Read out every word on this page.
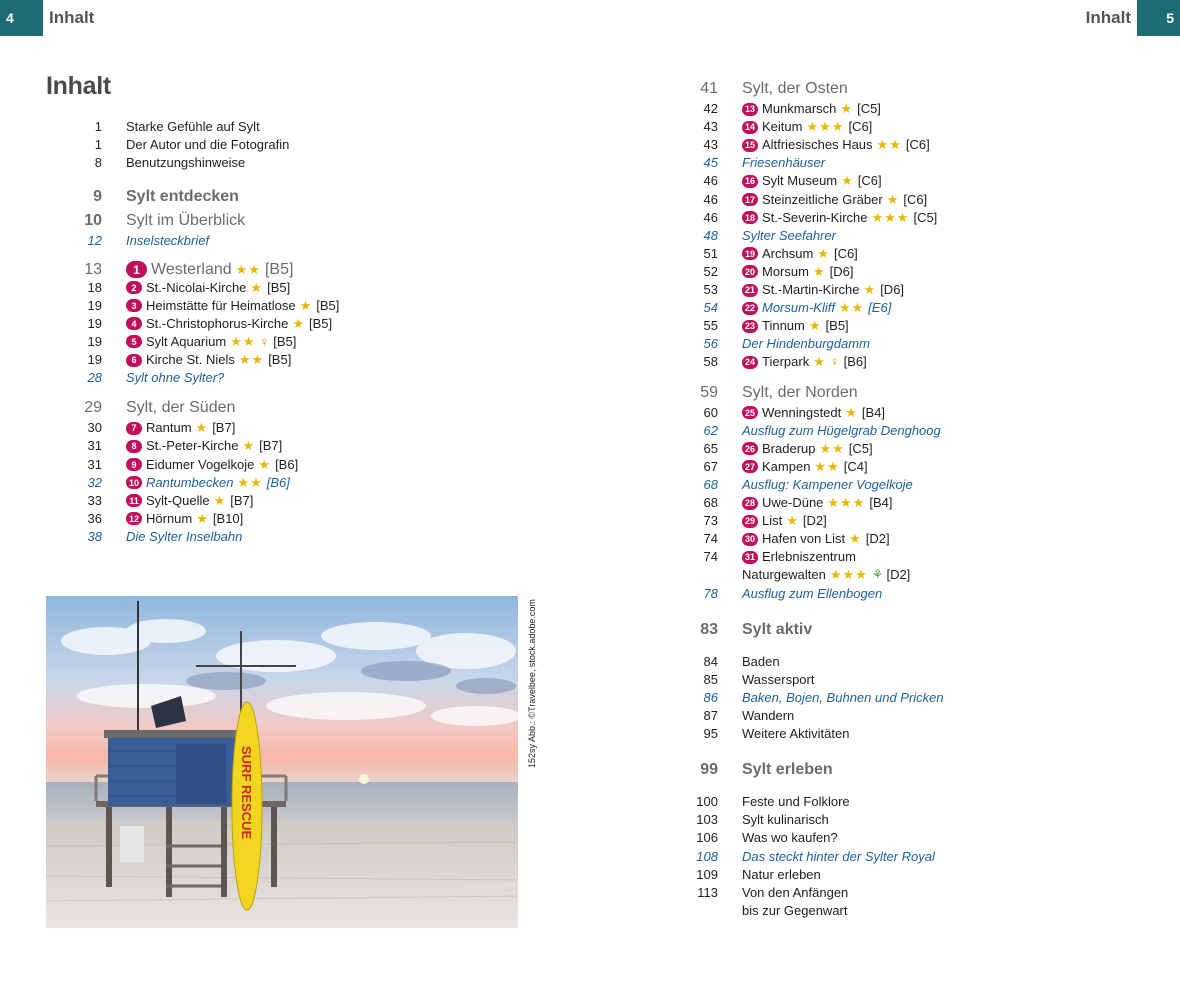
4	Inhalt	Inhalt	5
Inhalt
1 Starke Gefühle auf Sylt
1 Der Autor und die Fotografin
8 Benutzungshinweise
9 Sylt entdecken
10 Sylt im Überblick
12 Inselsteckbrief
13	1 Westerland ★★ [B5]
18	2 St.-Nicolai-Kirche ★ [B5]
19	3 Heimstätte für Heimatlose ★ [B5]
19	4 St.-Christophorus-Kirche ★ [B5]
19	5 Sylt Aquarium ★★ ♀ [B5]
19	6 Kirche St. Niels ★★ [B5]
28 Sylt ohne Sylter?
29 Sylt, der Süden
30	7 Rantum ★ [B7]
31	8 St.-Peter-Kirche ★ [B7]
31	9 Eidumer Vogelkoje ★ [B6]
32	10 Rantumbecken ★★ [B6]
33	11 Sylt-Quelle ★ [B7]
36	12 Hörnum ★ [B10]
38 Die Sylter Inselbahn
SURF RESCUE
152sy Abb.: ©Travelbee, stock.adobe.com
41 Sylt, der Osten
42	13 Munkmarsch ★ [C5]
43	14 Keitum ★★★ [C6]
43	15 Altfriesisches Haus ★★ [C6]
45 Friesenhäuser
46	16 Sylt Museum ★ [C6]
46	17 Steinzeitliche Gräber ★ [C6]
46	18 St.-Severin-Kirche ★★★ [C5]
48 Sylter Seefahrer
51	19 Archsum ★ [C6]
52	20 Morsum ★ [D6]
53	21 St.-Martin-Kirche ★ [D6]
54	22 Morsum-Kliff ★★ [E6]
55	23 Tinnum ★ [B5]
56 Der Hindenburgdamm
58	24 Tierpark ★ ♀ [B6]
59 Sylt, der Norden
60	25 Wenningstedt ★ [B4]
62 Ausflug zum Hügelgrab Denghoog
65	26 Braderup ★★ [C5]
67	27 Kampen ★★ [C4]
68 Ausflug: Kampener Vogelkoje
68	28 Uwe-Düne ★★★ [B4]
73	29 List ★ [D2]
74	30 Hafen von List ★ [D2]
74	31 Erlebniszentrum
Naturgewalten ★★★ ⚘ [D2]
78 Ausflug zum Ellenbogen
83 Sylt aktiv
84 Baden
85 Wassersport
86 Baken, Bojen, Buhnen und Pricken
87 Wandern
95 Weitere Aktivitäten
99 Sylt erleben
100 Feste und Folklore
103 Sylt kulinarisch
106 Was wo kaufen?
108 Das steckt hinter der Sylter Royal
109 Natur erleben
113 Von den Anfängen
bis zur Gegenwart
